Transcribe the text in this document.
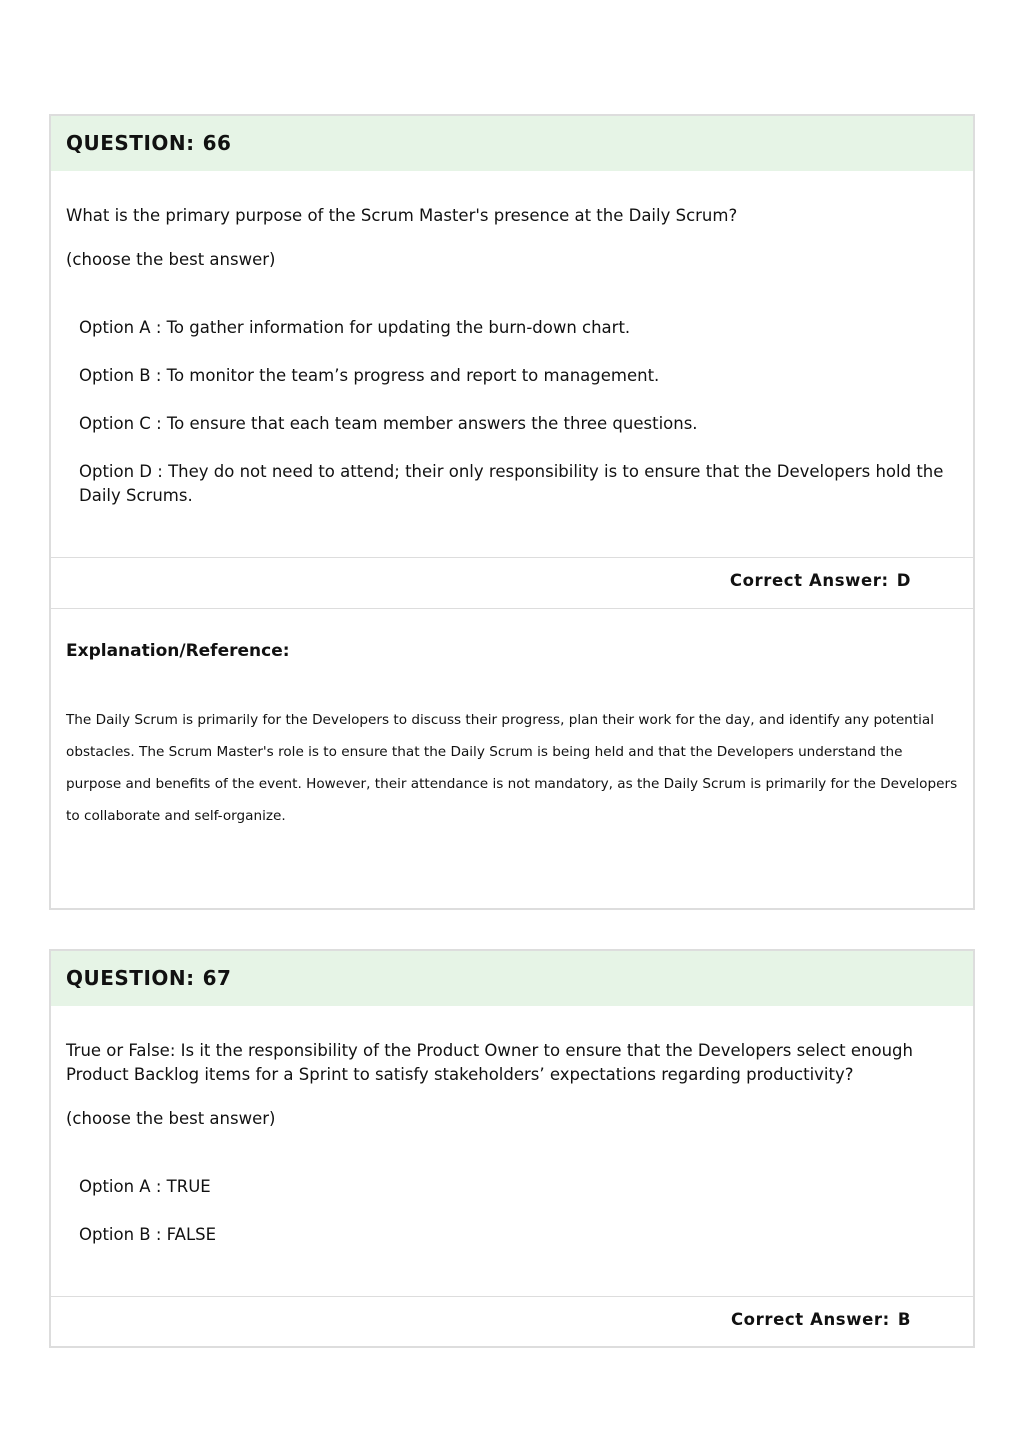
QUESTION: 66
What is the primary purpose of the Scrum Master's presence at the Daily Scrum?
(choose the best answer)
Option A : To gather information for updating the burn-down chart.
Option B : To monitor the team’s progress and report to management.
Option C : To ensure that each team member answers the three questions.
Option D : They do not need to attend; their only responsibility is to ensure that the Developers hold the Daily Scrums.
Correct Answer: D
Explanation/Reference:
The Daily Scrum is primarily for the Developers to discuss their progress, plan their work for the day, and identify any potential obstacles. The Scrum Master's role is to ensure that the Daily Scrum is being held and that the Developers understand the purpose and benefits of the event. However, their attendance is not mandatory, as the Daily Scrum is primarily for the Developers to collaborate and self-organize.
QUESTION: 67
True or False: Is it the responsibility of the Product Owner to ensure that the Developers select enough Product Backlog items for a Sprint to satisfy stakeholders’ expectations regarding productivity?
(choose the best answer)
Option A : TRUE
Option B : FALSE
Correct Answer: B
